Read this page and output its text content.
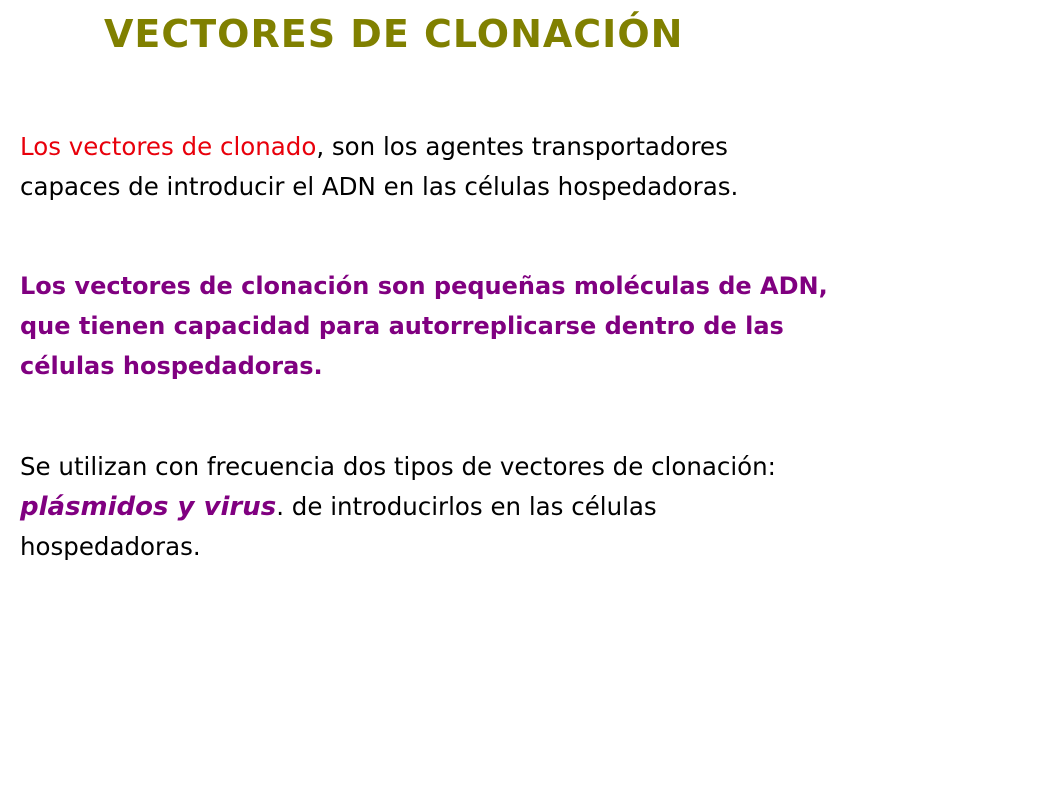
VECTORES DE CLONACIÓN

Los vectores de clonado, son los agentes transportadores
capaces de introducir el ADN en las células hospedadoras.

Los vectores de clonación son pequeñas moléculas de ADN,
que tienen capacidad para autorreplicarse dentro de las
células hospedadoras.

Se utilizan con frecuencia dos tipos de vectores de clonación:
plásmidos y virus. de introducirlos en las células
hospedadoras.
